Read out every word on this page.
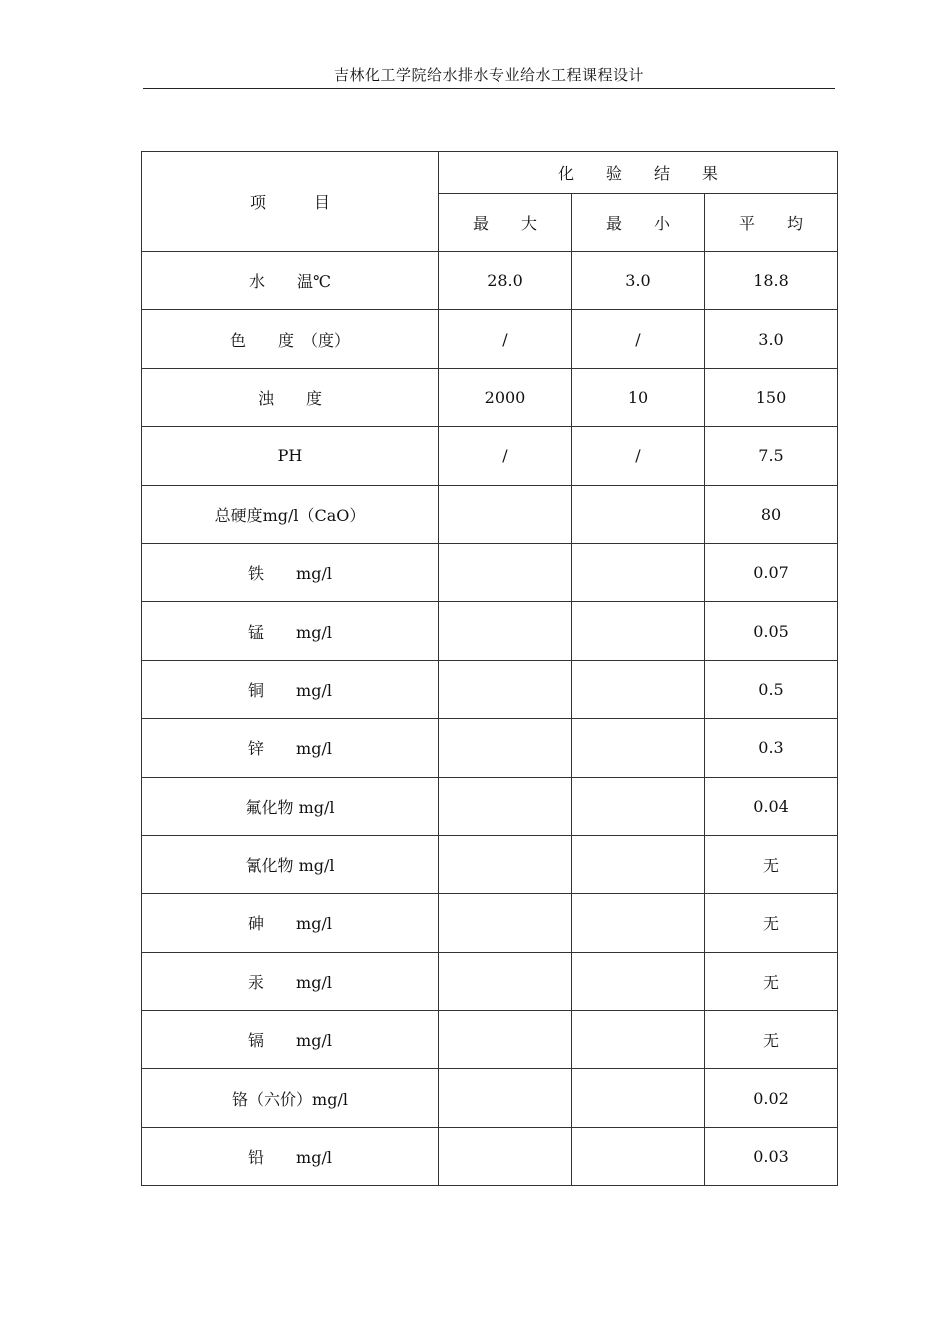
吉林化工学院给水排水专业给水工程课程设计
项　　　目	化　　验　　结　　果		
	最　　大	最　　小	平　　均
水　　温℃	28.0	3.0	18.8
色　　度　（度）	/	/	3.0
浊　　度	2000	10	150
PH	/	/	7.5
总硬度mg/l（CaO）			80
铁　　mg/l			0.07
锰　　mg/l			0.05
铜　　mg/l			0.5
锌　　mg/l			0.3
氟化物 mg/l			0.04
氰化物 mg/l			无
砷　　mg/l			无
汞　　mg/l			无
镉　　mg/l			无
铬（六价）mg/l			0.02
铅　　mg/l			0.03
